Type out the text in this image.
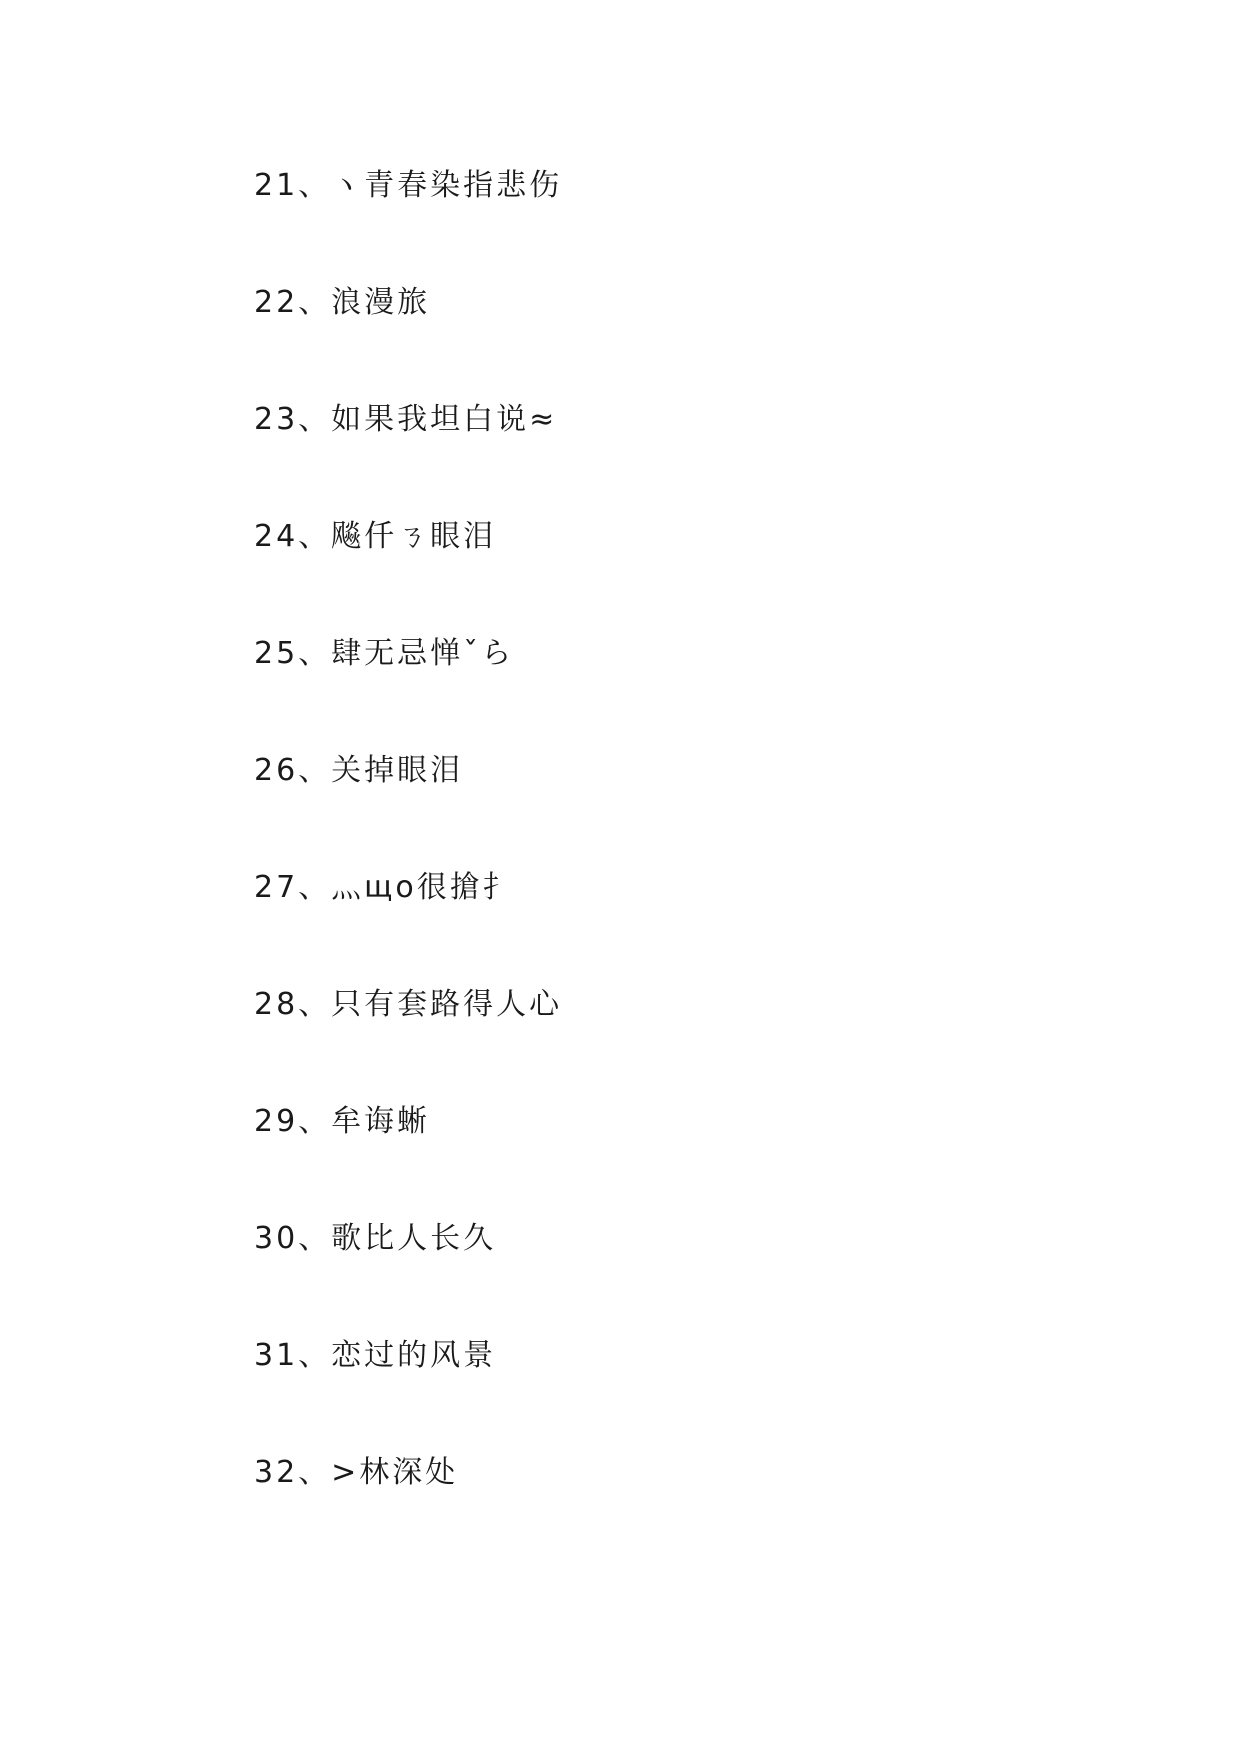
21、ヽ青春染指悲伤
22、浪漫旅
23、如果我坦白说≈
24、飚仟ㄋ眼泪
25、肆无忌惮ˇら
26、关掉眼泪
27、灬щο很搶扌
28、只有套路得人心
29、牟诲蜥
30、歌比人长久
31、恋过的风景
32、>林深处
